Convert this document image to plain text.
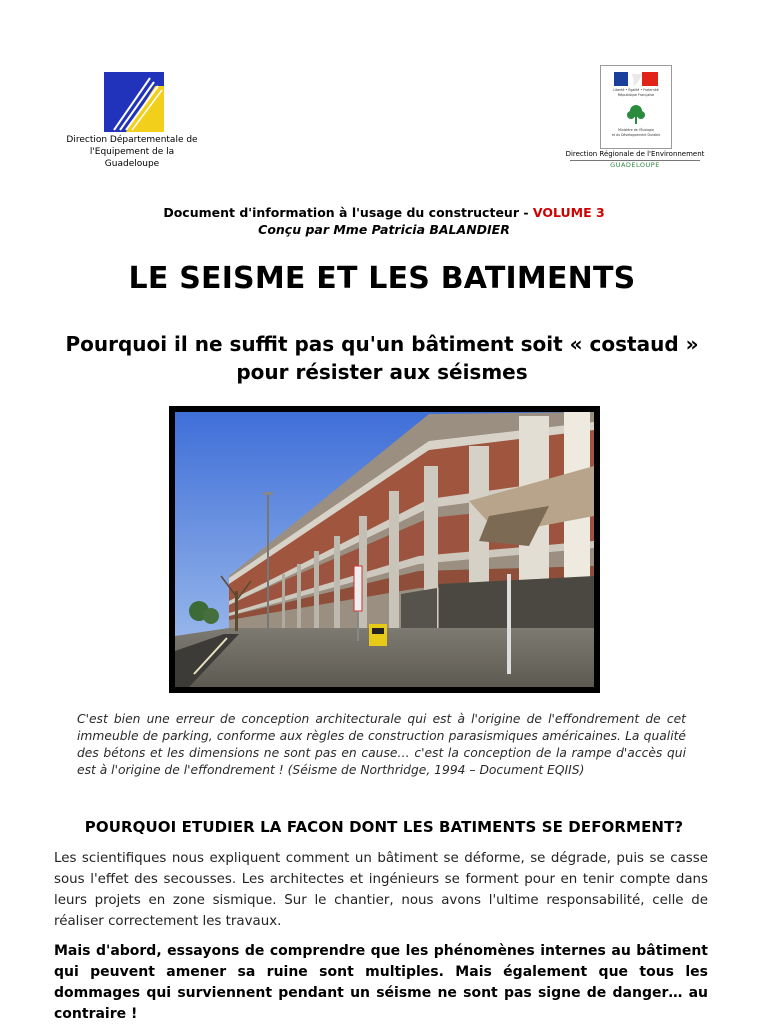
Direction Départementale de
l'Equipement de la
Guadeloupe
Liberté • Égalité • Fraternité
République Française
Ministère de l'Écologie
et du Développement Durable
Direction Régionale de l'Environnement
GUADELOUPE
Document d'information à l'usage du constructeur - VOLUME 3
Conçu par Mme Patricia BALANDIER
LE SEISME ET LES BATIMENTS
Pourquoi il ne suffit pas qu'un bâtiment soit « costaud »
pour résister aux séismes
C'est bien une erreur de conception architecturale qui est à l'origine de l'effondrement de cet immeuble de parking, conforme aux règles de construction parasismiques américaines. La qualité des bétons et les dimensions ne sont pas en cause… c'est la conception de la rampe d'accès qui est à l'origine de l'effondrement ! (Séisme de Northridge, 1994 – Document EQIIS)
POURQUOI ETUDIER LA FACON DONT LES BATIMENTS SE DEFORMENT?
Les scientifiques nous expliquent comment un bâtiment se déforme, se dégrade, puis se casse sous l'effet des secousses. Les architectes et ingénieurs se forment pour en tenir compte dans leurs projets en zone sismique. Sur le chantier, nous avons l'ultime responsabilité, celle de réaliser correctement les travaux.
Mais d'abord, essayons de comprendre que les phénomènes internes au bâtiment qui peuvent amener sa ruine sont multiples. Mais également que tous les dommages qui surviennent pendant un séisme ne sont pas signe de danger… au contraire !
